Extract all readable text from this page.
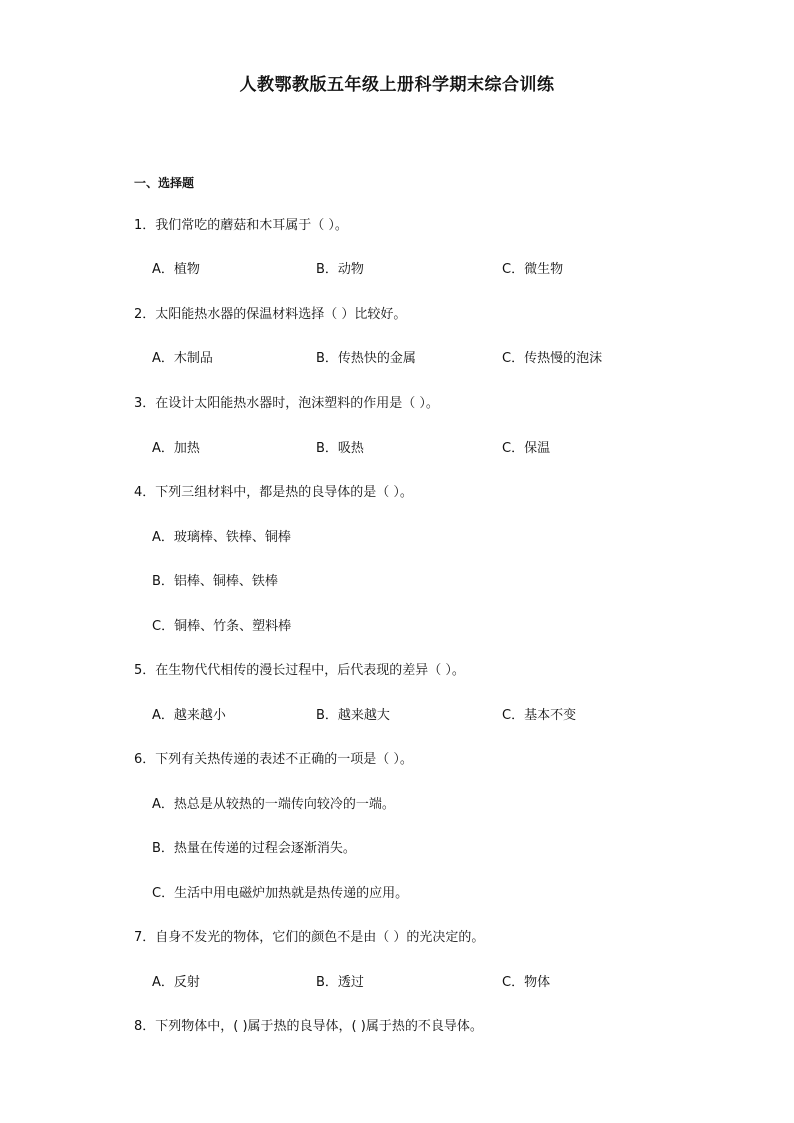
人教鄂教版五年级上册科学期末综合训练
一、选择题
1．我们常吃的蘑菇和木耳属于（ ）。
A．植物	B．动物	C．微生物
2．太阳能热水器的保温材料选择（ ）比较好。
A．木制品	B．传热快的金属	C．传热慢的泡沫
3．在设计太阳能热水器时，泡沫塑料的作用是（ ）。
A．加热	B．吸热	C．保温
4．下列三组材料中，都是热的良导体的是（ ）。
A．玻璃棒、铁棒、铜棒
B．铝棒、铜棒、铁棒
C．铜棒、竹条、塑料棒
5．在生物代代相传的漫长过程中，后代表现的差异（ ）。
A．越来越小	B．越来越大	C．基本不变
6．下列有关热传递的表述不正确的一项是（ ）。
A．热总是从较热的一端传向较冷的一端。
B．热量在传递的过程会逐渐消失。
C．生活中用电磁炉加热就是热传递的应用。
7．自身不发光的物体，它们的颜色不是由（ ）的光决定的。
A．反射	B．透过	C．物体
8．下列物体中，( )属于热的良导体，( )属于热的不良导体。
